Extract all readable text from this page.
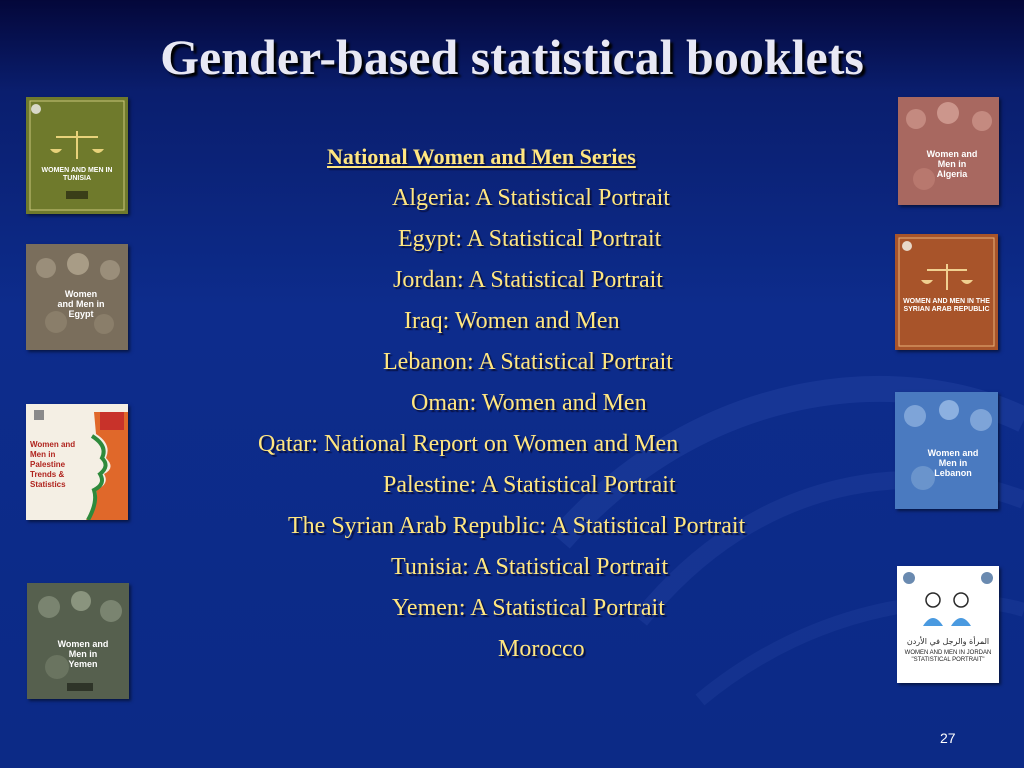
Gender-based statistical booklets
National Women and Men Series
Algeria: A Statistical Portrait
Egypt: A Statistical Portrait
Jordan: A Statistical Portrait
Iraq: Women and Men
Lebanon: A Statistical Portrait
Oman: Women and Men
Qatar: National Report on Women and Men
Palestine: A Statistical Portrait
The Syrian Arab Republic: A Statistical Portrait
Tunisia: A Statistical Portrait
Yemen: A Statistical Portrait
Morocco
WOMEN AND MEN IN TUNISIA
Women and Men in Egypt
Women and Men in Palestine Trends & Statistics
Women and Men in Yemen
Women and Men in Algeria
WOMEN AND MEN IN THE SYRIAN ARAB REPUBLIC
Women and Men in Lebanon
المرأة والرجل في الأردن
WOMEN AND MEN IN JORDAN "STATISTICAL PORTRAIT"
27
